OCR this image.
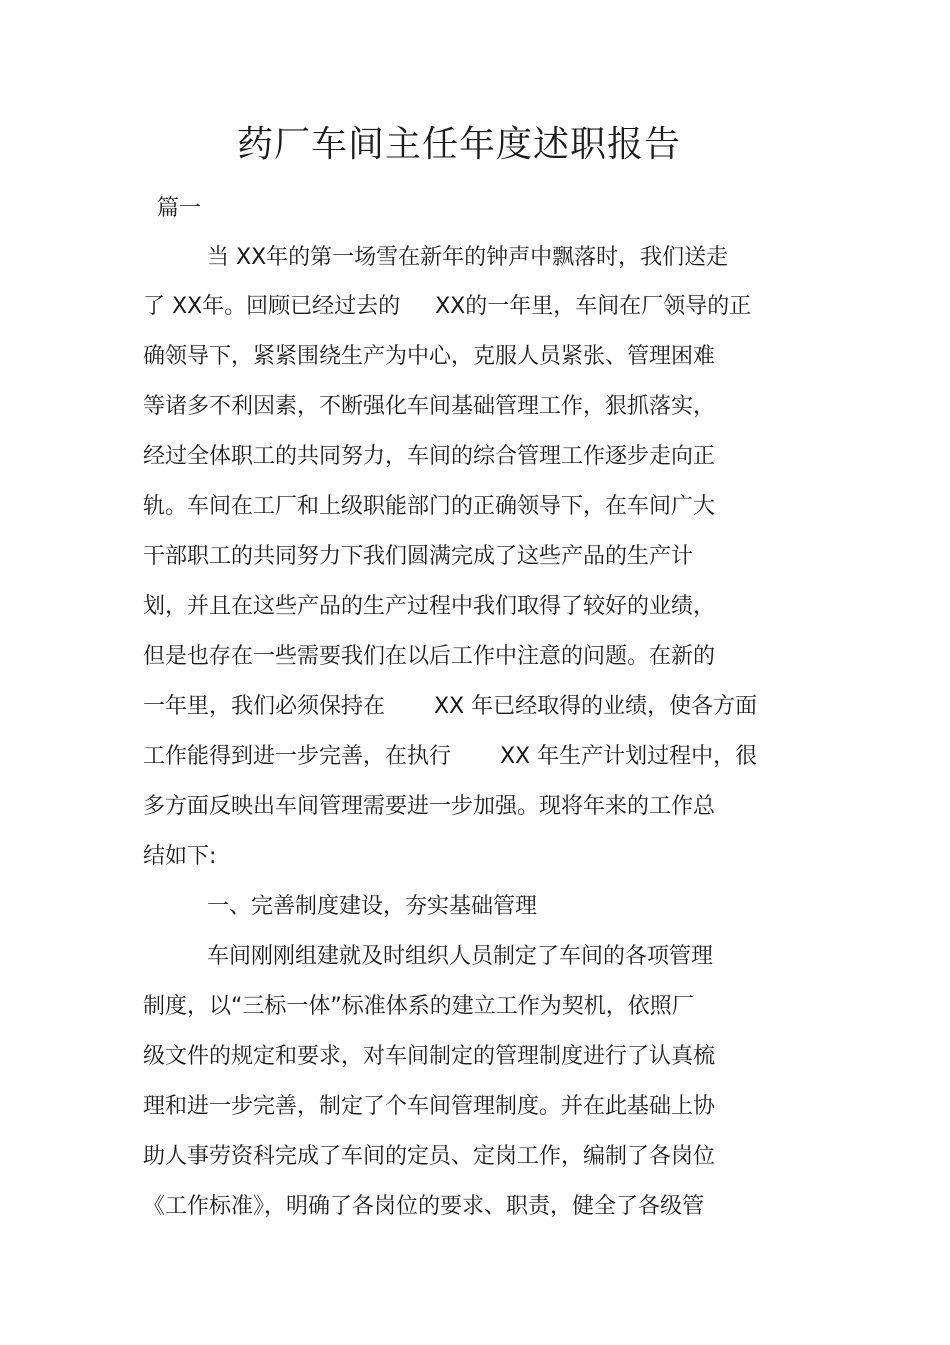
药厂车间主任年度述职报告
篇一
当 XX年的第一场雪在新年的钟声中飘落时，我们送走
了 XX年。回顾已经过去的     XX的一年里，车间在厂领导的正
确领导下，紧紧围绕生产为中心，克服人员紧张、管理困难
等诸多不利因素，不断强化车间基础管理工作，狠抓落实，
经过全体职工的共同努力，车间的综合管理工作逐步走向正
轨。车间在工厂和上级职能部门的正确领导下，在车间广大
干部职工的共同努力下我们圆满完成了这些产品的生产计
划，并且在这些产品的生产过程中我们取得了较好的业绩，
但是也存在一些需要我们在以后工作中注意的问题。在新的
一年里，我们必须保持在       XX 年已经取得的业绩，使各方面
工作能得到进一步完善，在执行       XX 年生产计划过程中，很
多方面反映出车间管理需要进一步加强。现将年来的工作总
结如下:
一、完善制度建设，夯实基础管理
车间刚刚组建就及时组织人员制定了车间的各项管理
制度，以“三标一体”标准体系的建立工作为契机，依照厂
级文件的规定和要求，对车间制定的管理制度进行了认真梳
理和进一步完善，制定了个车间管理制度。并在此基础上协
助人事劳资科完成了车间的定员、定岗工作，编制了各岗位
《工作标准》，明确了各岗位的要求、职责，健全了各级管
